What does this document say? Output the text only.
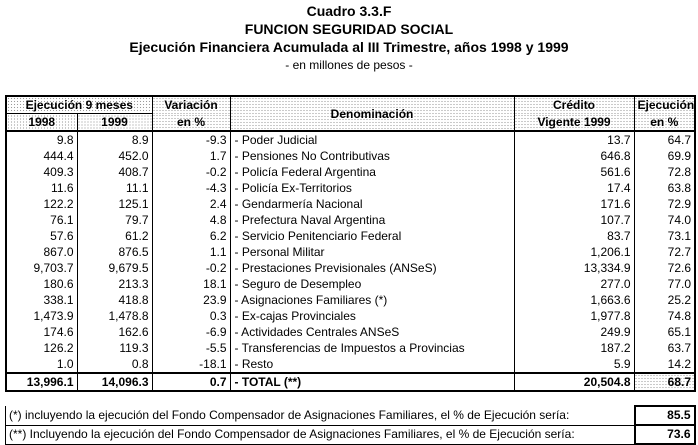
Cuadro 3.3.F
FUNCION SEGURIDAD SOCIAL
Ejecución Financiera Acumulada al III Trimestre, años 1998 y 1999
- en millones de pesos -
Ejecución 9 meses		Variación	Denominación	Crédito	Ejecución
1998	1999	en %		Vigente 1999	en %
9.8	8.9	-9.3	- Poder Judicial	13.7	64.7
444.4	452.0	1.7	- Pensiones No Contributivas	646.8	69.9
409.3	408.7	-0.2	- Policía Federal Argentina	561.6	72.8
11.6	11.1	-4.3	- Policía Ex-Territorios	17.4	63.8
122.2	125.1	2.4	- Gendarmería Nacional	171.6	72.9
76.1	79.7	4.8	- Prefectura Naval Argentina	107.7	74.0
57.6	61.2	6.2	- Servicio Penitenciario Federal	83.7	73.1
867.0	876.5	1.1	- Personal Militar	1,206.1	72.7
9,703.7	9,679.5	-0.2	- Prestaciones Previsionales (ANSeS)	13,334.9	72.6
180.6	213.3	18.1	- Seguro de Desempleo	277.0	77.0
338.1	418.8	23.9	- Asignaciones Familiares (*)	1,663.6	25.2
1,473.9	1,478.8	0.3	- Ex-cajas Provinciales	1,977.8	74.8
174.6	162.6	-6.9	- Actividades Centrales ANSeS	249.9	65.1
126.2	119.3	-5.5	- Transferencias de Impuestos a Provincias	187.2	63.7
1.0	0.8	-18.1	- Resto	5.9	14.2
13,996.1	14,096.3	0.7	- TOTAL (**)	20,504.8	68.7
(*) incluyendo la ejecución del Fondo Compensador de Asignaciones Familiares, el % de Ejecución sería:	85.5
(**) Incluyendo la ejecución del Fondo Compensador de Asignaciones Familiares, el % de Ejecución sería:	73.6
